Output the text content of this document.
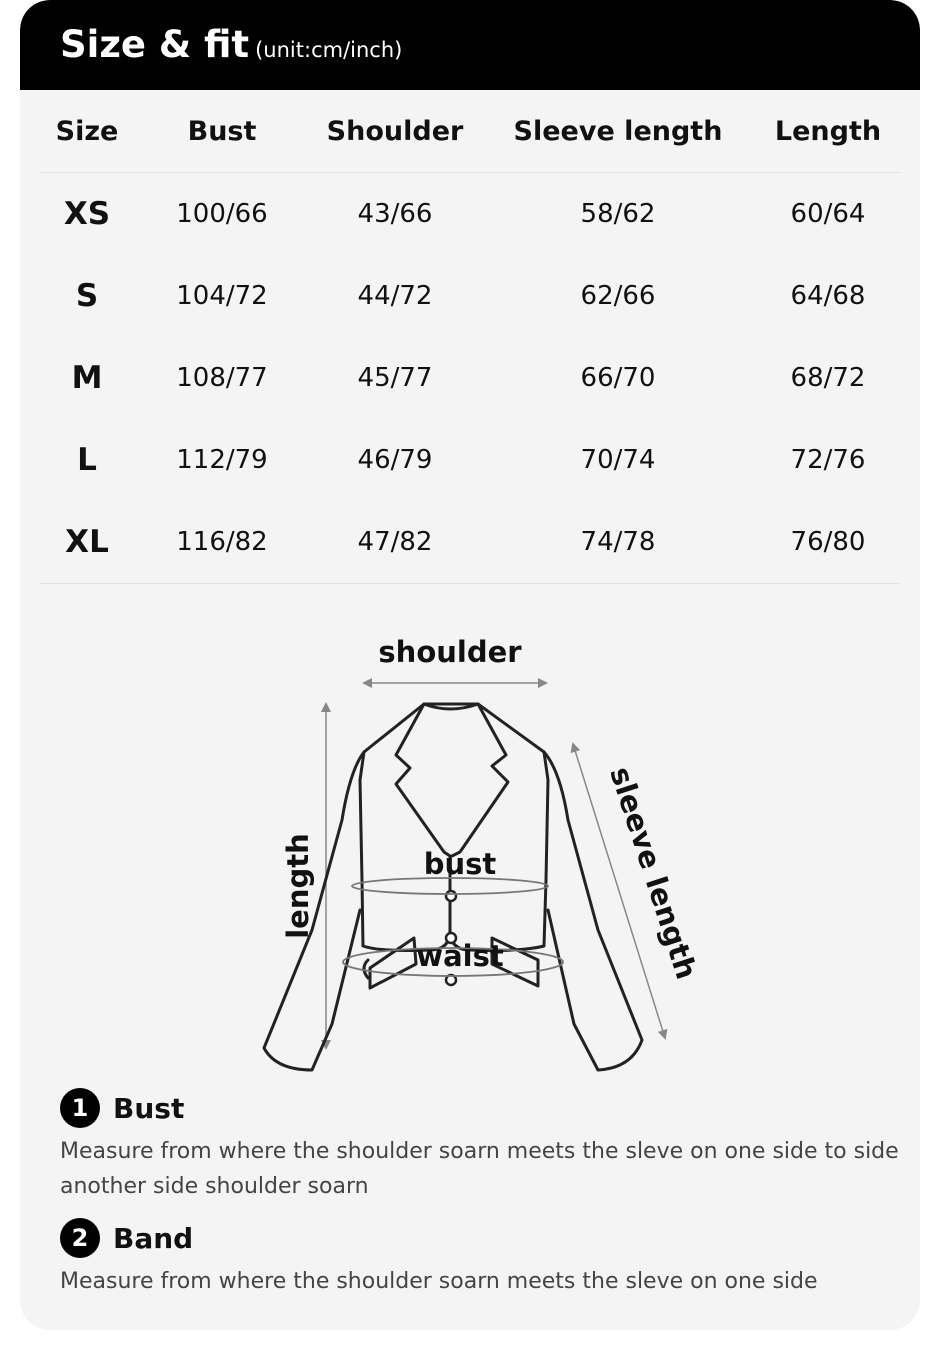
Size & fit (unit:cm/inch)
Size	Bust	Shoulder	Sleeve length	Length
XS	100/66	43/66	58/62	60/64
S	104/72	44/72	62/66	64/68
M	108/77	45/77	66/70	68/72
L	112/79	46/79	70/74	72/76
XL	116/82	47/82	74/78	76/80
shoulder
length	sleeve length
bust
waist
1 Bust
Measure from where the shoulder soarn meets the sleve on one side to side another side shoulder soarn
2 Band
Measure from where the shoulder soarn meets the sleve on one side
